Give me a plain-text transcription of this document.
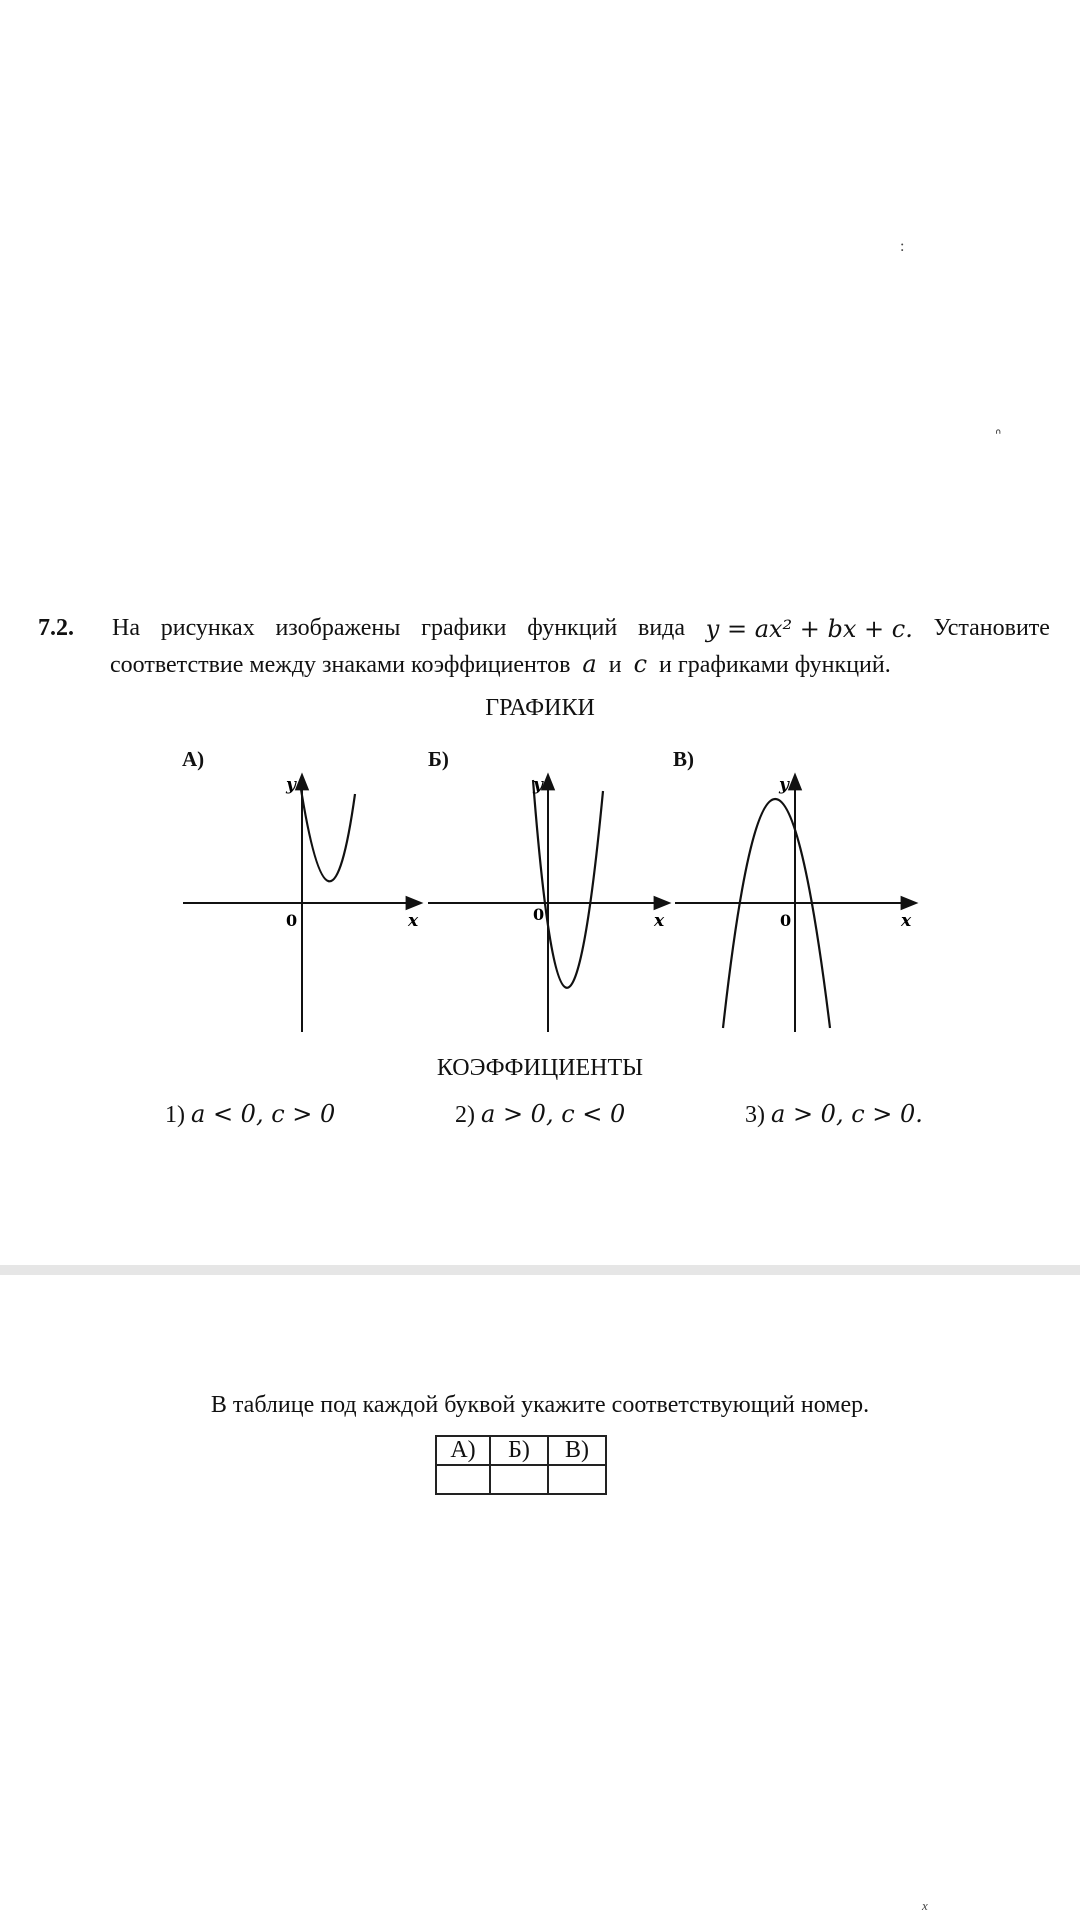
:
ᐢ
x
7.2. На рисунках изображены графики функций вида y = ax² + bx + c. Установите
соответствие между знаками коэффициентов a и c и графиками функций.
ГРАФИКИ
А)	Б)	В)
y
x
0
y
x
0
y
x
0
КОЭФФИЦИЕНТЫ
1) a < 0, c > 0	2) a > 0, c < 0	3) a > 0, c > 0.
В таблице под каждой буквой укажите соответствующий номер.
А)	Б)	В)
